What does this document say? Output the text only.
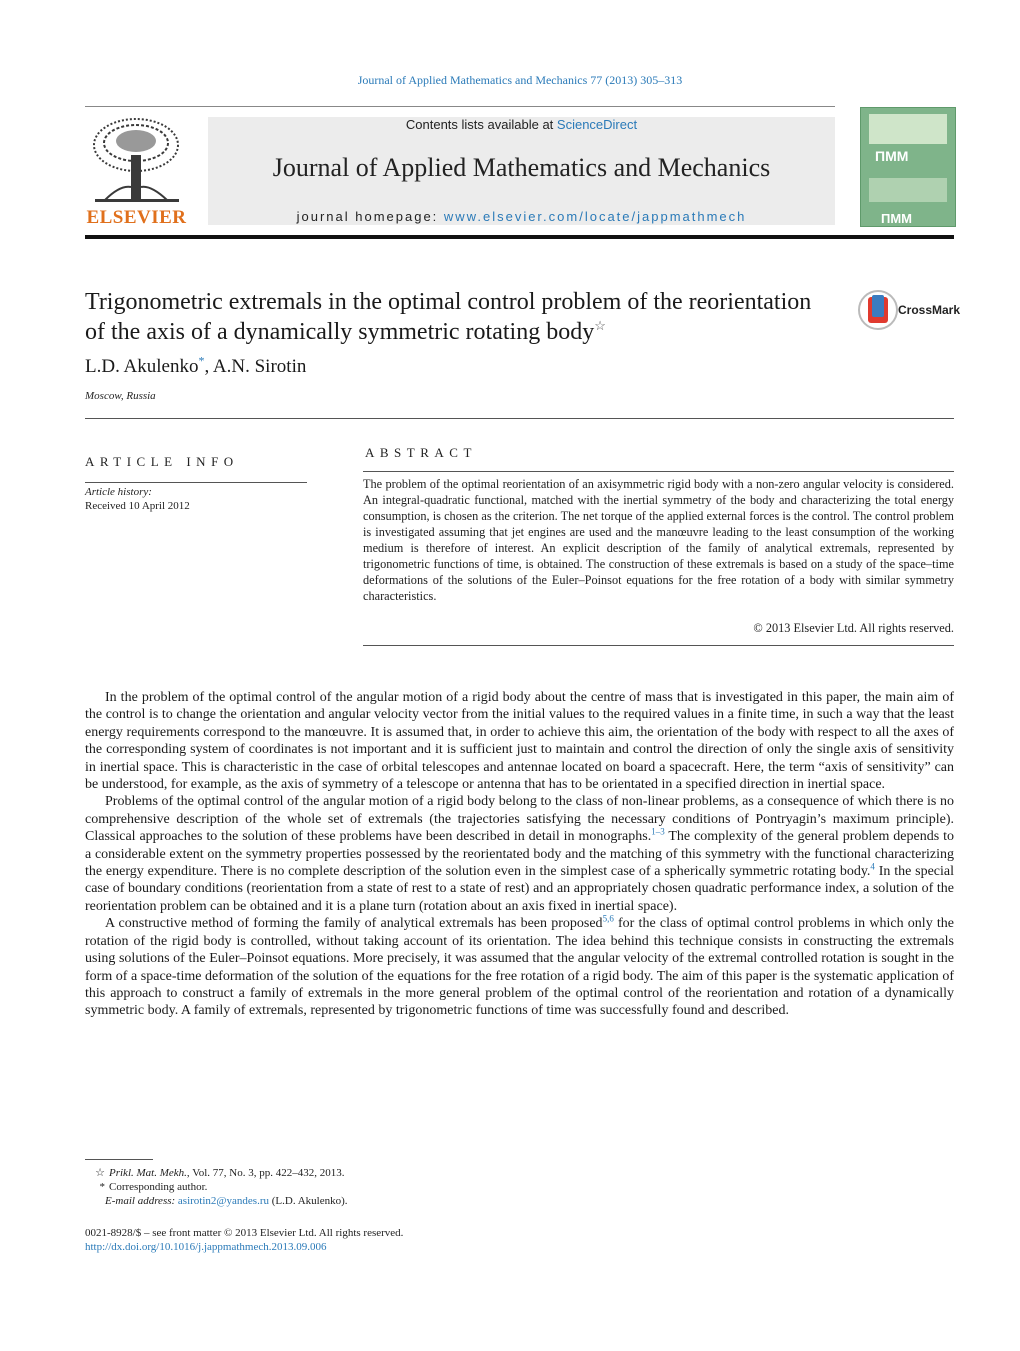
Journal of Applied Mathematics and Mechanics 77 (2013) 305–313
ELSEVIER
Contents lists available at ScienceDirect
Journal of Applied Mathematics and Mechanics
journal homepage: www.elsevier.com/locate/jappmathmech
ПММ
ПММ
Trigonometric extremals in the optimal control problem of the reorientation of the axis of a dynamically symmetric rotating body☆
CrossMark
L.D. Akulenko*, A.N. Sirotin
Moscow, Russia
ARTICLE INFO
Article history:
Received 10 April 2012
ABSTRACT
The problem of the optimal reorientation of an axisymmetric rigid body with a non-zero angular velocity is considered. An integral-quadratic functional, matched with the inertial symmetry of the body and characterizing the total energy consumption, is chosen as the criterion. The net torque of the applied external forces is the control. The control problem is investigated assuming that jet engines are used and the manœuvre leading to the least consumption of the working medium is therefore of interest. An explicit description of the family of analytical extremals, represented by trigonometric functions of time, is obtained. The construction of these extremals is based on a study of the space–time deformations of the solutions of the Euler–Poinsot equations for the free rotation of a body with similar symmetry characteristics.
© 2013 Elsevier Ltd. All rights reserved.

In the problem of the optimal control of the angular motion of a rigid body about the centre of mass that is investigated in this paper, the main aim of the control is to change the orientation and angular velocity vector from the initial values to the required values in a finite time, in such a way that the least energy requirements correspond to the manœuvre. It is assumed that, in order to achieve this aim, the orientation of the body with respect to all the axes of the corresponding system of coordinates is not important and it is sufficient just to maintain and control the direction of only the single axis of sensitivity in inertial space. This is characteristic in the case of orbital telescopes and antennae located on board a spacecraft. Here, the term “axis of sensitivity” can be understood, for example, as the axis of symmetry of a telescope or antenna that has to be orientated in a specified direction in inertial space.

Problems of the optimal control of the angular motion of a rigid body belong to the class of non-linear problems, as a consequence of which there is no comprehensive description of the whole set of extremals (the trajectories satisfying the necessary conditions of Pontryagin’s maximum principle). Classical approaches to the solution of these problems have been described in detail in monographs.$^{1-3}$ The complexity of the general problem depends to a considerable extent on the symmetry properties possessed by the reorientated body and the matching of this symmetry with the functional characterizing the energy expenditure. There is no complete description of the solution even in the simplest case of a spherically symmetric rotating body.$^4$ In the special case of boundary conditions (reorientation from a state of rest to a state of rest) and an appropriately chosen quadratic performance index, a solution of the reorientation problem can be obtained and it is a plane turn (rotation about an axis fixed in inertial space).

A constructive method of forming the family of analytical extremals has been proposed$^{5,6}$ for the class of optimal control problems in which only the rotation of the rigid body is controlled, without taking account of its orientation. The idea behind this technique consists in constructing the extremals using solutions of the Euler–Poinsot equations. More precisely, it was assumed that the angular velocity of the extremal controlled rotation is sought in the form of a space-time deformation of the solution of the equations for the free rotation of a rigid body. The aim of this paper is the systematic application of this approach to construct a family of extremals in the more general problem of the optimal control of the reorientation and rotation of a dynamically symmetric body. A family of extremals, represented by trigonometric functions of time was successfully found and described.

☆ Prikl. Mat. Mekh., Vol. 77, No. 3, pp. 422–432, 2013.
* Corresponding author.
E-mail address: asirotin2@yandes.ru (L.D. Akulenko).
0021-8928/$ – see front matter © 2013 Elsevier Ltd. All rights reserved.
http://dx.doi.org/10.1016/j.jappmathmech.2013.09.006
